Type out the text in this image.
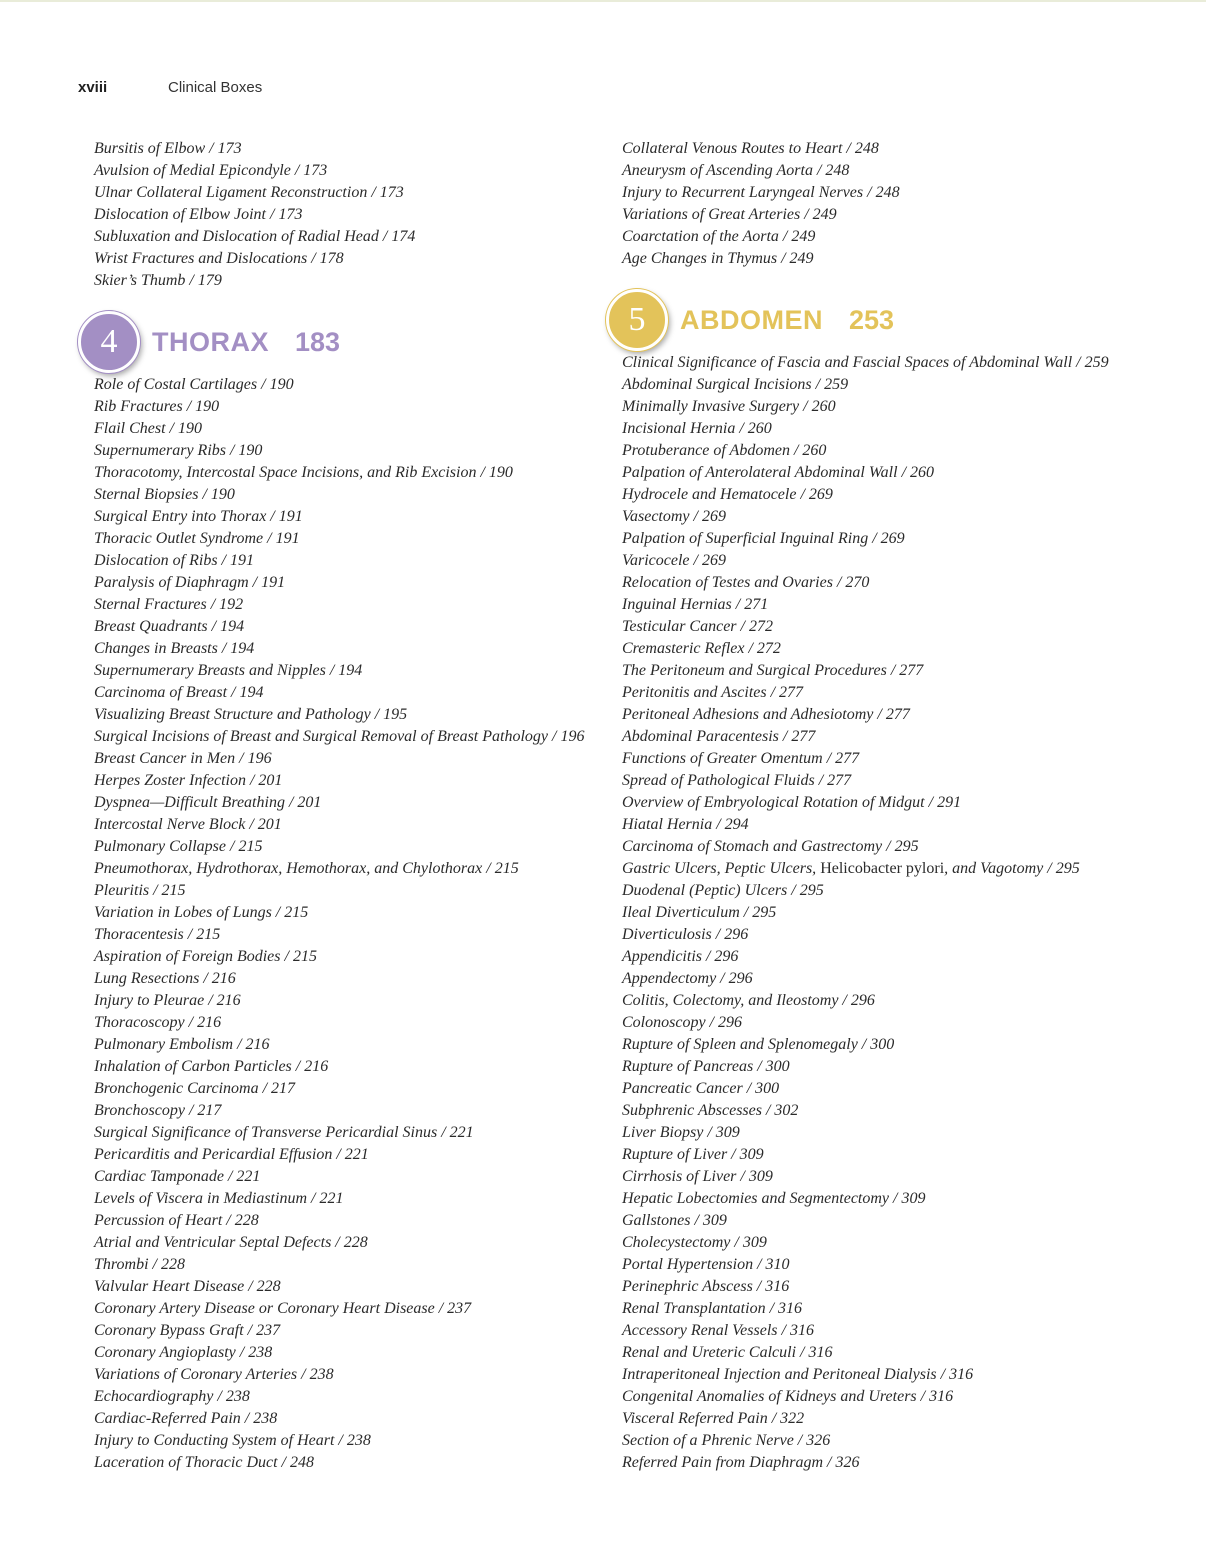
xviii	Clinical Boxes
Bursitis of Elbow / 173
Avulsion of Medial Epicondyle / 173
Ulnar Collateral Ligament Reconstruction / 173
Dislocation of Elbow Joint / 173
Subluxation and Dislocation of Radial Head / 174
Wrist Fractures and Dislocations / 178
Skier’s Thumb / 179
4	THORAX 183
Role of Costal Cartilages / 190
Rib Fractures / 190
Flail Chest / 190
Supernumerary Ribs / 190
Thoracotomy, Intercostal Space Incisions, and Rib Excision / 190
Sternal Biopsies / 190
Surgical Entry into Thorax / 191
Thoracic Outlet Syndrome / 191
Dislocation of Ribs / 191
Paralysis of Diaphragm / 191
Sternal Fractures / 192
Breast Quadrants / 194
Changes in Breasts / 194
Supernumerary Breasts and Nipples / 194
Carcinoma of Breast / 194
Visualizing Breast Structure and Pathology / 195
Surgical Incisions of Breast and Surgical Removal of Breast Pathology / 196
Breast Cancer in Men / 196
Herpes Zoster Infection / 201
Dyspnea—Difficult Breathing / 201
Intercostal Nerve Block / 201
Pulmonary Collapse / 215
Pneumothorax, Hydrothorax, Hemothorax, and Chylothorax / 215
Pleuritis / 215
Variation in Lobes of Lungs / 215
Thoracentesis / 215
Aspiration of Foreign Bodies / 215
Lung Resections / 216
Injury to Pleurae / 216
Thoracoscopy / 216
Pulmonary Embolism / 216
Inhalation of Carbon Particles / 216
Bronchogenic Carcinoma / 217
Bronchoscopy / 217
Surgical Significance of Transverse Pericardial Sinus / 221
Pericarditis and Pericardial Effusion / 221
Cardiac Tamponade / 221
Levels of Viscera in Mediastinum / 221
Percussion of Heart / 228
Atrial and Ventricular Septal Defects / 228
Thrombi / 228
Valvular Heart Disease / 228
Coronary Artery Disease or Coronary Heart Disease / 237
Coronary Bypass Graft / 237
Coronary Angioplasty / 238
Variations of Coronary Arteries / 238
Echocardiography / 238
Cardiac-Referred Pain / 238
Injury to Conducting System of Heart / 238
Laceration of Thoracic Duct / 248
Collateral Venous Routes to Heart / 248
Aneurysm of Ascending Aorta / 248
Injury to Recurrent Laryngeal Nerves / 248
Variations of Great Arteries / 249
Coarctation of the Aorta / 249
Age Changes in Thymus / 249
5	ABDOMEN 253
Clinical Significance of Fascia and Fascial Spaces of Abdominal Wall / 259
Abdominal Surgical Incisions / 259
Minimally Invasive Surgery / 260
Incisional Hernia / 260
Protuberance of Abdomen / 260
Palpation of Anterolateral Abdominal Wall / 260
Hydrocele and Hematocele / 269
Vasectomy / 269
Palpation of Superficial Inguinal Ring / 269
Varicocele / 269
Relocation of Testes and Ovaries / 270
Inguinal Hernias / 271
Testicular Cancer / 272
Cremasteric Reflex / 272
The Peritoneum and Surgical Procedures / 277
Peritonitis and Ascites / 277
Peritoneal Adhesions and Adhesiotomy / 277
Abdominal Paracentesis / 277
Functions of Greater Omentum / 277
Spread of Pathological Fluids / 277
Overview of Embryological Rotation of Midgut / 291
Hiatal Hernia / 294
Carcinoma of Stomach and Gastrectomy / 295
Gastric Ulcers, Peptic Ulcers, Helicobacter pylori, and Vagotomy / 295
Duodenal (Peptic) Ulcers / 295
Ileal Diverticulum / 295
Diverticulosis / 296
Appendicitis / 296
Appendectomy / 296
Colitis, Colectomy, and Ileostomy / 296
Colonoscopy / 296
Rupture of Spleen and Splenomegaly / 300
Rupture of Pancreas / 300
Pancreatic Cancer / 300
Subphrenic Abscesses / 302
Liver Biopsy / 309
Rupture of Liver / 309
Cirrhosis of Liver / 309
Hepatic Lobectomies and Segmentectomy / 309
Gallstones / 309
Cholecystectomy / 309
Portal Hypertension / 310
Perinephric Abscess / 316
Renal Transplantation / 316
Accessory Renal Vessels / 316
Renal and Ureteric Calculi / 316
Intraperitoneal Injection and Peritoneal Dialysis / 316
Congenital Anomalies of Kidneys and Ureters / 316
Visceral Referred Pain / 322
Section of a Phrenic Nerve / 326
Referred Pain from Diaphragm / 326
